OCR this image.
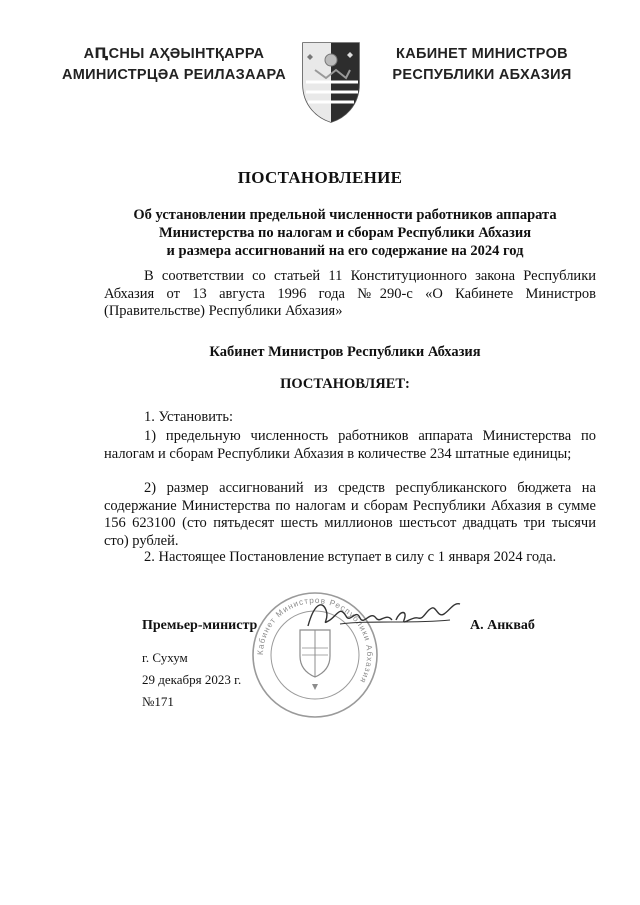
АԤСНЫ АҲӘЫНТҚАРРА
АМИНИСТРЦӘА РЕИЛАЗААРА
КАБИНЕТ МИНИСТРОВ
РЕСПУБЛИКИ АБХАЗИЯ
ПОСТАНОВЛЕНИЕ
Об установлении предельной численности работников аппарата
Министерства по налогам и сборам Республики Абхазия
и размера ассигнований на его содержание на 2024 год
В соответствии со статьей 11 Конституционного закона Республики Абхазия от 13 августа 1996 года №290-с «О Кабинете Министров (Правительстве) Республики Абхазия»
Кабинет Министров Республики Абхазия
ПОСТАНОВЛЯЕТ:
1. Установить:
1) предельную численность работников аппарата Министерства по налогам и сборам Республики Абхазия в количестве 234 штатные единицы;
2) размер ассигнований из средств республиканского бюджета на содержание Министерства по налогам и сборам Республики Абхазия в сумме 156 623100 (сто пятьдесят шесть миллионов шестьсот двадцать три тысячи сто) рублей.
2. Настоящее Постановление вступает в силу с 1 января 2024 года.
Кабинет Министров Республики Абхазия
Премьер-министр	А. Анкваб
г. Сухум
29 декабря 2023 г.
№171
